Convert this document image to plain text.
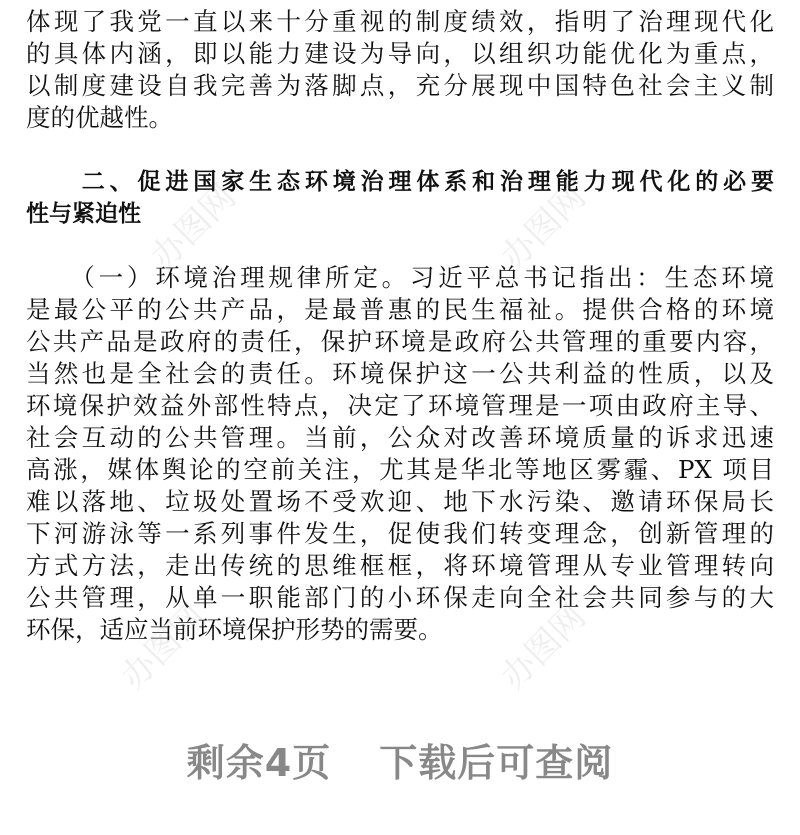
体现了我党一直以来十分重视的制度绩效，指明了治理现代化
的具体内涵，即以能力建设为导向，以组织功能优化为重点，
以制度建设自我完善为落脚点，充分展现中国特色社会主义制
度的优越性。
　　二、促进国家生态环境治理体系和治理能力现代化的必要
性与紧迫性
　　（一）环境治理规律所定。习近平总书记指出：生态环境
是最公平的公共产品，是最普惠的民生福祉。提供合格的环境
公共产品是政府的责任，保护环境是政府公共管理的重要内容，
当然也是全社会的责任。环境保护这一公共利益的性质，以及
环境保护效益外部性特点，决定了环境管理是一项由政府主导、
社会互动的公共管理。当前，公众对改善环境质量的诉求迅速
高涨，媒体舆论的空前关注，尤其是华北等地区雾霾、PX 项目
难以落地、垃圾处置场不受欢迎、地下水污染、邀请环保局长
下河游泳等一系列事件发生，促使我们转变理念，创新管理的
方式方法，走出传统的思维框框，将环境管理从专业管理转向
公共管理，从单一职能部门的小环保走向全社会共同参与的大
环保，适应当前环境保护形势的需要。
办图网	办图网
办图网	办图网
剩余4页 下载后可查阅
